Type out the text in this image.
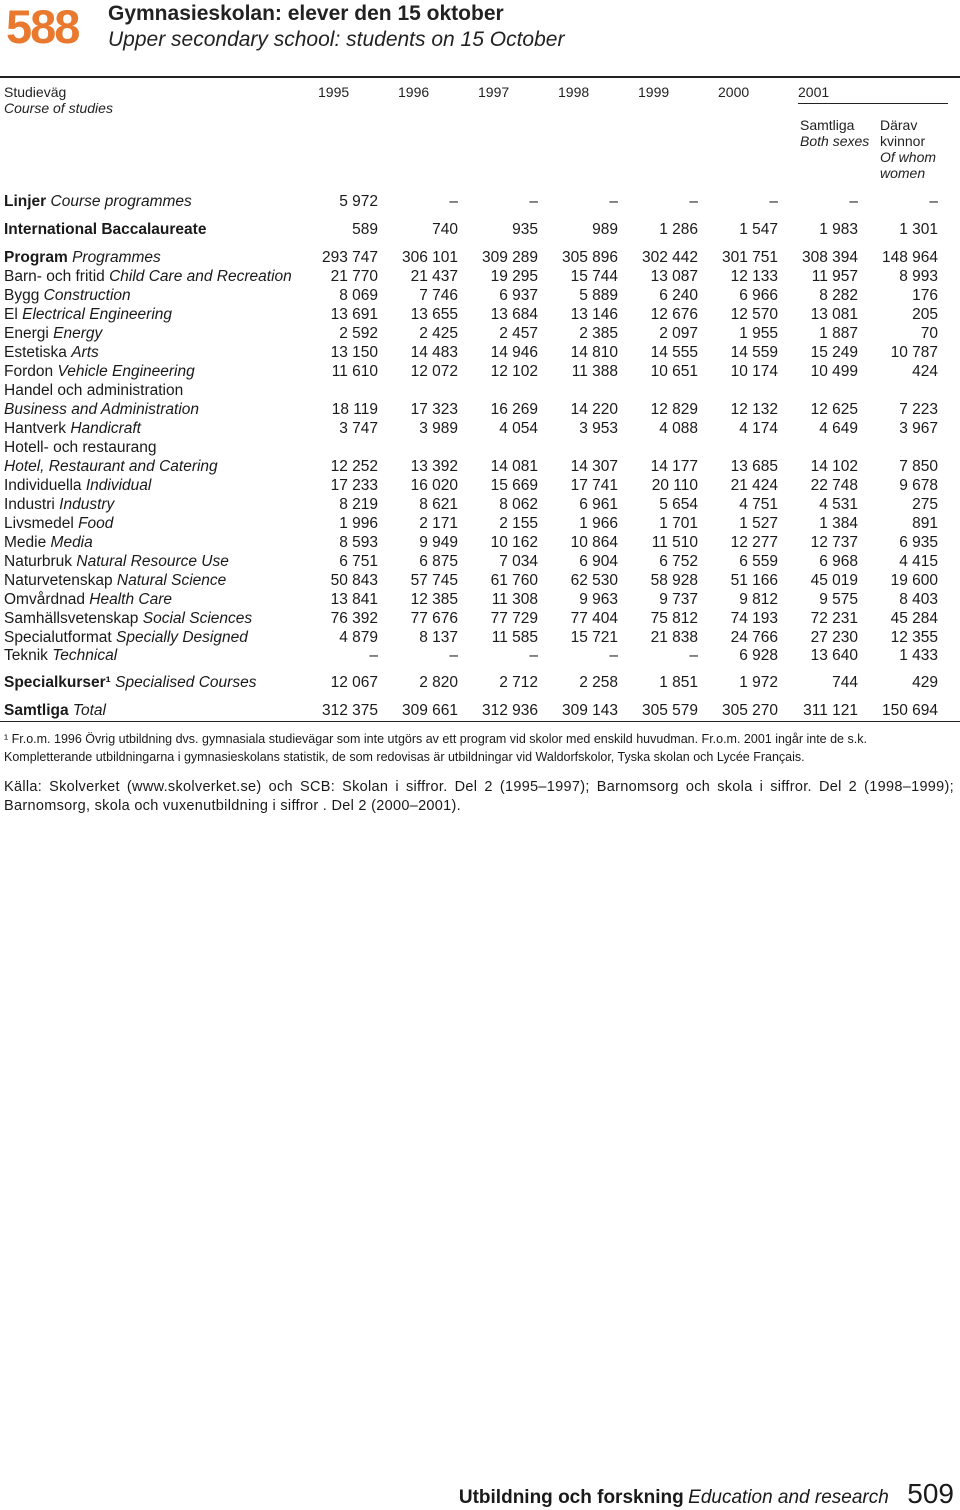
588 Gymnasieskolan: elever den 15 oktober
Upper secondary school: students on 15 October
Studieväg
Course of studies
1995	1996	1997	1998	1999	2000	2001
Samtliga
Both sexes
Därav
kvinnor
Of whom
women
Linjer Course programmes	5 972	–	–	–	–	–	–	–
International Baccalaureate	589	740	935	989	1 286	1 547	1 983	1 301
Program Programmes	293 747	306 101	309 289	305 896	302 442	301 751	308 394	148 964
Barn- och fritid Child Care and Recreation	21 770	21 437	19 295	15 744	13 087	12 133	11 957	8 993
Bygg Construction	8 069	7 746	6 937	5 889	6 240	6 966	8 282	176
El Electrical Engineering	13 691	13 655	13 684	13 146	12 676	12 570	13 081	205
Energi Energy	2 592	2 425	2 457	2 385	2 097	1 955	1 887	70
Estetiska Arts	13 150	14 483	14 946	14 810	14 555	14 559	15 249	10 787
Fordon Vehicle Engineering	11 610	12 072	12 102	11 388	10 651	10 174	10 499	424
Handel och administration
Business and Administration	18 119	17 323	16 269	14 220	12 829	12 132	12 625	7 223
Hantverk Handicraft	3 747	3 989	4 054	3 953	4 088	4 174	4 649	3 967
Hotell- och restaurang
Hotel, Restaurant and Catering	12 252	13 392	14 081	14 307	14 177	13 685	14 102	7 850
Individuella Individual	17 233	16 020	15 669	17 741	20 110	21 424	22 748	9 678
Industri Industry	8 219	8 621	8 062	6 961	5 654	4 751	4 531	275
Livsmedel Food	1 996	2 171	2 155	1 966	1 701	1 527	1 384	891
Medie Media	8 593	9 949	10 162	10 864	11 510	12 277	12 737	6 935
Naturbruk Natural Resource Use	6 751	6 875	7 034	6 904	6 752	6 559	6 968	4 415
Naturvetenskap Natural Science	50 843	57 745	61 760	62 530	58 928	51 166	45 019	19 600
Omvårdnad Health Care	13 841	12 385	11 308	9 963	9 737	9 812	9 575	8 403
Samhällsvetenskap Social Sciences	76 392	77 676	77 729	77 404	75 812	74 193	72 231	45 284
Specialutformat Specially Designed	4 879	8 137	11 585	15 721	21 838	24 766	27 230	12 355
Teknik Technical	–	–	–	–	–	6 928	13 640	1 433
Specialkurser¹ Specialised Courses	12 067	2 820	2 712	2 258	1 851	1 972	744	429
Samtliga Total	312 375	309 661	312 936	309 143	305 579	305 270	311 121	150 694
¹ Fr.o.m. 1996 Övrig utbildning dvs. gymnasiala studievägar som inte utgörs av ett program vid skolor med enskild huvudman. Fr.o.m. 2001 ingår inte de s.k.
Kompletterande utbildningarna i gymnasieskolans statistik, de som redovisas är utbildningar vid Waldorfskolor, Tyska skolan och Lycée Français.
Källa: Skolverket (www.skolverket.se) och SCB: Skolan i siffror. Del 2 (1995–1997); Barnomsorg och skola i siffror. Del 2 (1998–1999); Barnomsorg, skola och vuxenutbildning i siffror . Del 2 (2000–2001).
Utbildning och forskning Education and research 509
